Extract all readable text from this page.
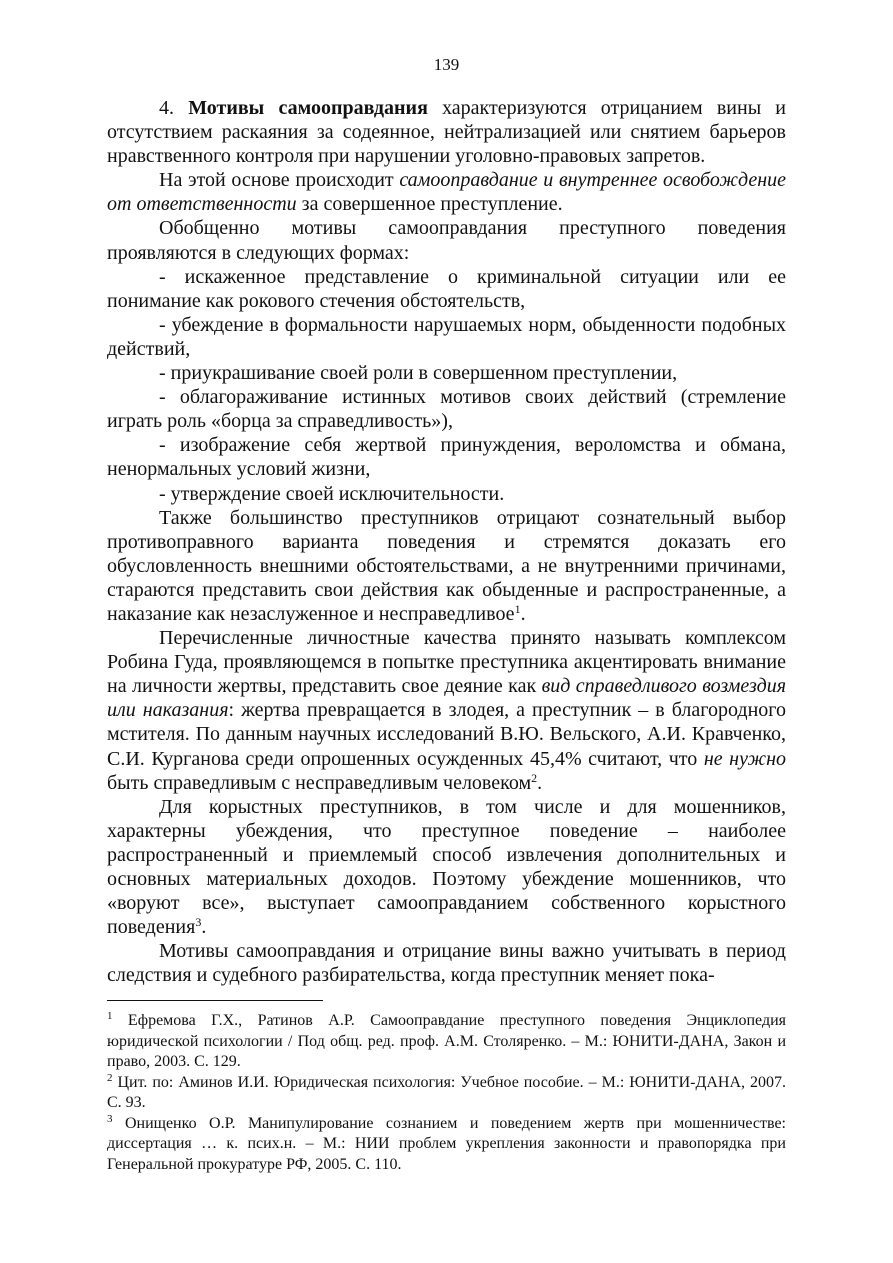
139

4. Мотивы самооправдания характеризуются отрицанием вины и отсутствием раскаяния за содеянное, нейтрализацией или снятием барьеров нравственного контроля при нарушении уголовно-правовых запретов.

На этой основе происходит самооправдание и внутреннее освобождение от ответственности за совершенное преступление.

Обобщенно мотивы самооправдания преступного поведения проявляются в следующих формах:

- искаженное представление о криминальной ситуации или ее понимание как рокового стечения обстоятельств,

- убеждение в формальности нарушаемых норм, обыденности подобных действий,

- приукрашивание своей роли в совершенном преступлении,

- облагораживание истинных мотивов своих действий (стремление играть роль «борца за справедливость»),

- изображение себя жертвой принуждения, вероломства и обмана, ненормальных условий жизни,

- утверждение своей исключительности.

Также большинство преступников отрицают сознательный выбор противоправного варианта поведения и стремятся доказать его обусловленность внешними обстоятельствами, а не внутренними причинами, стараются представить свои действия как обыденные и распространенные, а наказание как незаслуженное и несправедливое$^1$.

Перечисленные личностные качества принято называть комплексом Робина Гуда, проявляющемся в попытке преступника акцентировать внимание на личности жертвы, представить свое деяние как вид справедливого возмездия или наказания: жертва превращается в злодея, а преступник – в благородного мстителя. По данным научных исследований В.Ю. Вельского, А.И. Кравченко, С.И. Курганова среди опрошенных осужденных 45,4% считают, что не нужно быть справедливым с несправедливым человеком$^2$.

Для корыстных преступников, в том числе и для мошенников, характерны убеждения, что преступное поведение – наиболее распространенный и приемлемый способ извлечения дополнительных и основных материальных доходов. Поэтому убеждение мошенников, что «воруют все», выступает самооправданием собственного корыстного поведения$^3$.

Мотивы самооправдания и отрицание вины важно учитывать в период следствия и судебного разбирательства, когда преступник меняет пока-

$^1$ Ефремова Г.Х., Ратинов А.Р. Самооправдание преступного поведения Энциклопедия юридической психологии / Под общ. ред. проф. А.М. Столяренко. – М.: ЮНИТИ-ДАНА, Закон и право, 2003. С. 129.

$^2$ Цит. по: Аминов И.И. Юридическая психология: Учебное пособие. – М.: ЮНИТИ-ДАНА, 2007. С. 93.

$^3$ Онищенко О.Р. Манипулирование сознанием и поведением жертв при мошенничестве: диссертация … к. псих.н. – М.: НИИ проблем укрепления законности и правопорядка при Генеральной прокуратуре РФ, 2005. С. 110.
